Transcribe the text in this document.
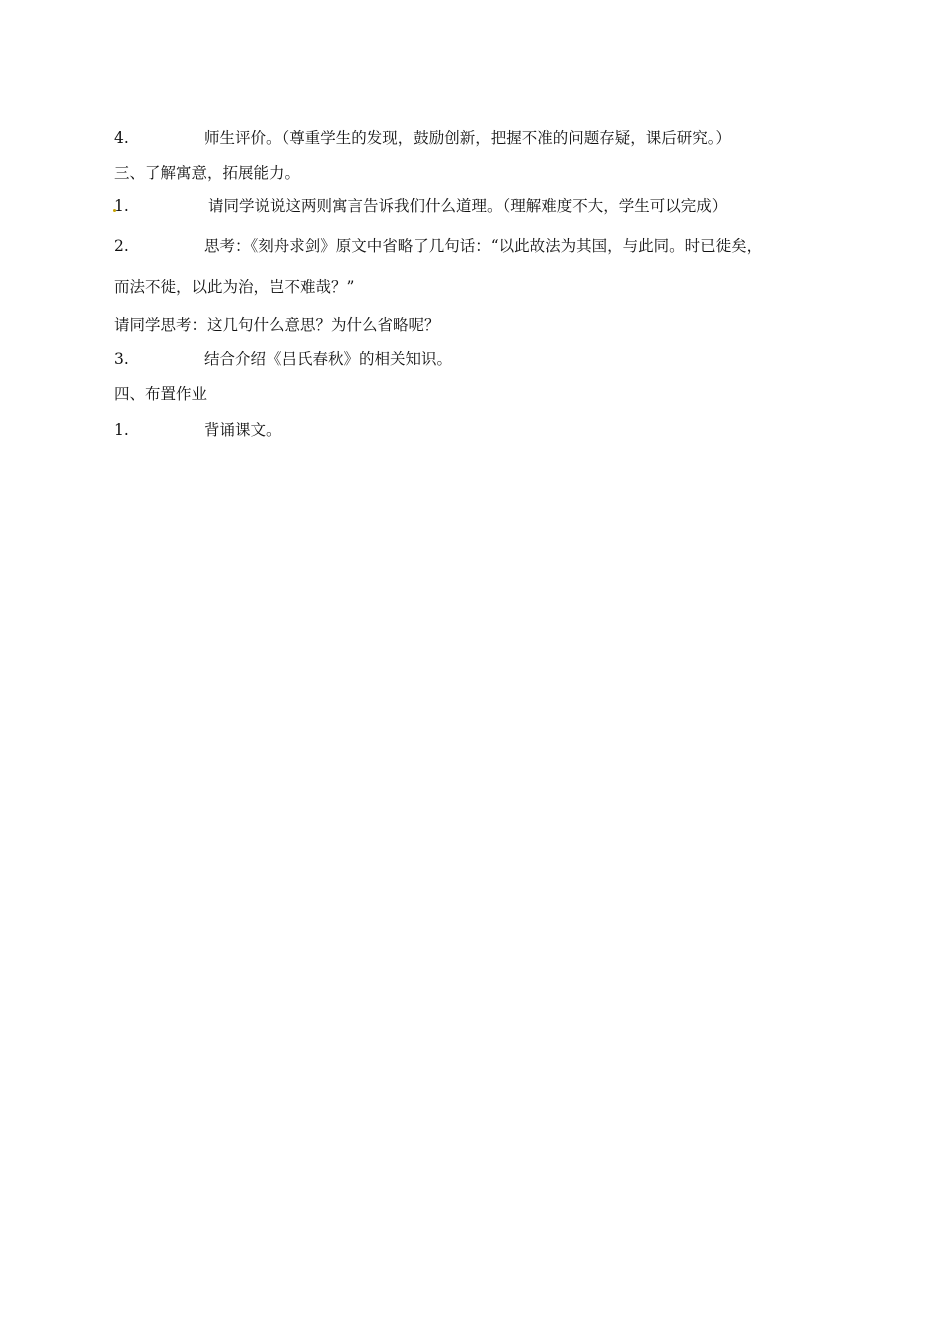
4.	师生评价。（尊重学生的发现，鼓励创新，把握不准的问题存疑，课后研究。）
三、了解寓意，拓展能力。
1.	请同学说说这两则寓言告诉我们什么道理。（理解难度不大，学生可以完成）
2.	思考：《刻舟求剑》原文中省略了几句话：“以此故法为其国，与此同。时已徙矣，
而法不徙，以此为治，岂不难哉？”
请同学思考：这几句什么意思？为什么省略呢？
3.	结合介绍《吕氏春秋》的相关知识。
四、布置作业
1.	背诵课文。
